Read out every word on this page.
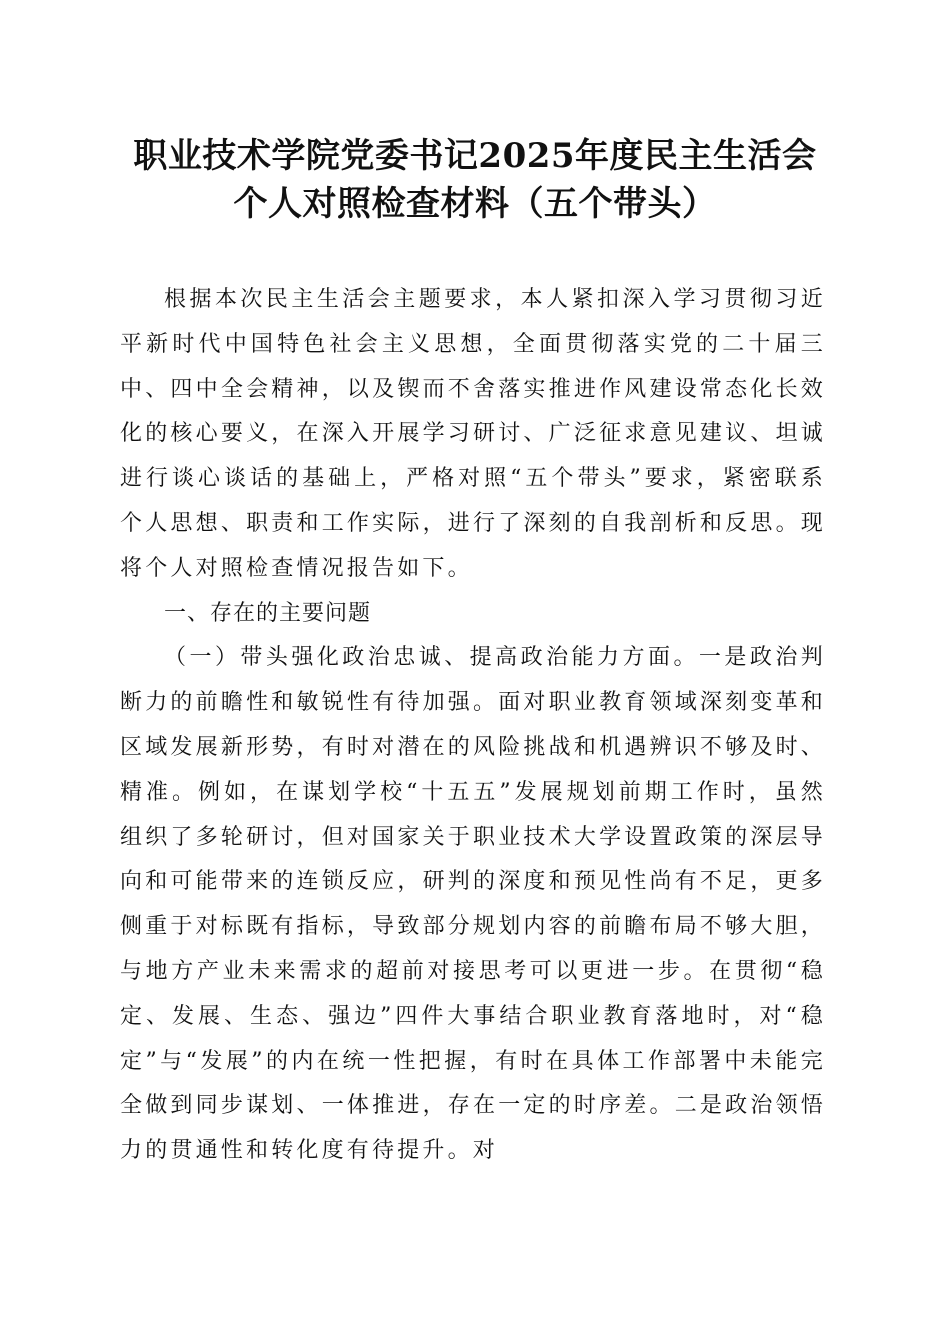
职业技术学院党委书记2025年度民主生活会
个人对照检查材料（五个带头）

根据本次民主生活会主题要求，本人紧扣深入学习贯彻习近平新时代中国特色社会主义思想，全面贯彻落实党的二十届三中、四中全会精神，以及锲而不舍落实推进作风建设常态化长效化的核心要义，在深入开展学习研讨、广泛征求意见建议、坦诚进行谈心谈话的基础上，严格对照“五个带头”要求，紧密联系个人思想、职责和工作实际，进行了深刻的自我剖析和反思。现将个人对照检查情况报告如下。

一、存在的主要问题

（一）带头强化政治忠诚、提高政治能力方面。一是政治判断力的前瞻性和敏锐性有待加强。面对职业教育领域深刻变革和区域发展新形势，有时对潜在的风险挑战和机遇辨识不够及时、精准。例如，在谋划学校“十五五”发展规划前期工作时，虽然组织了多轮研讨，但对国家关于职业技术大学设置政策的深层导向和可能带来的连锁反应，研判的深度和预见性尚有不足，更多侧重于对标既有指标，导致部分规划内容的前瞻布局不够大胆，与地方产业未来需求的超前对接思考可以更进一步。在贯彻“稳定、发展、生态、强边”四件大事结合职业教育落地时，对“稳定”与“发展”的内在统一性把握，有时在具体工作部署中未能完全做到同步谋划、一体推进，存在一定的时序差。二是政治领悟力的贯通性和转化度有待提升。对
